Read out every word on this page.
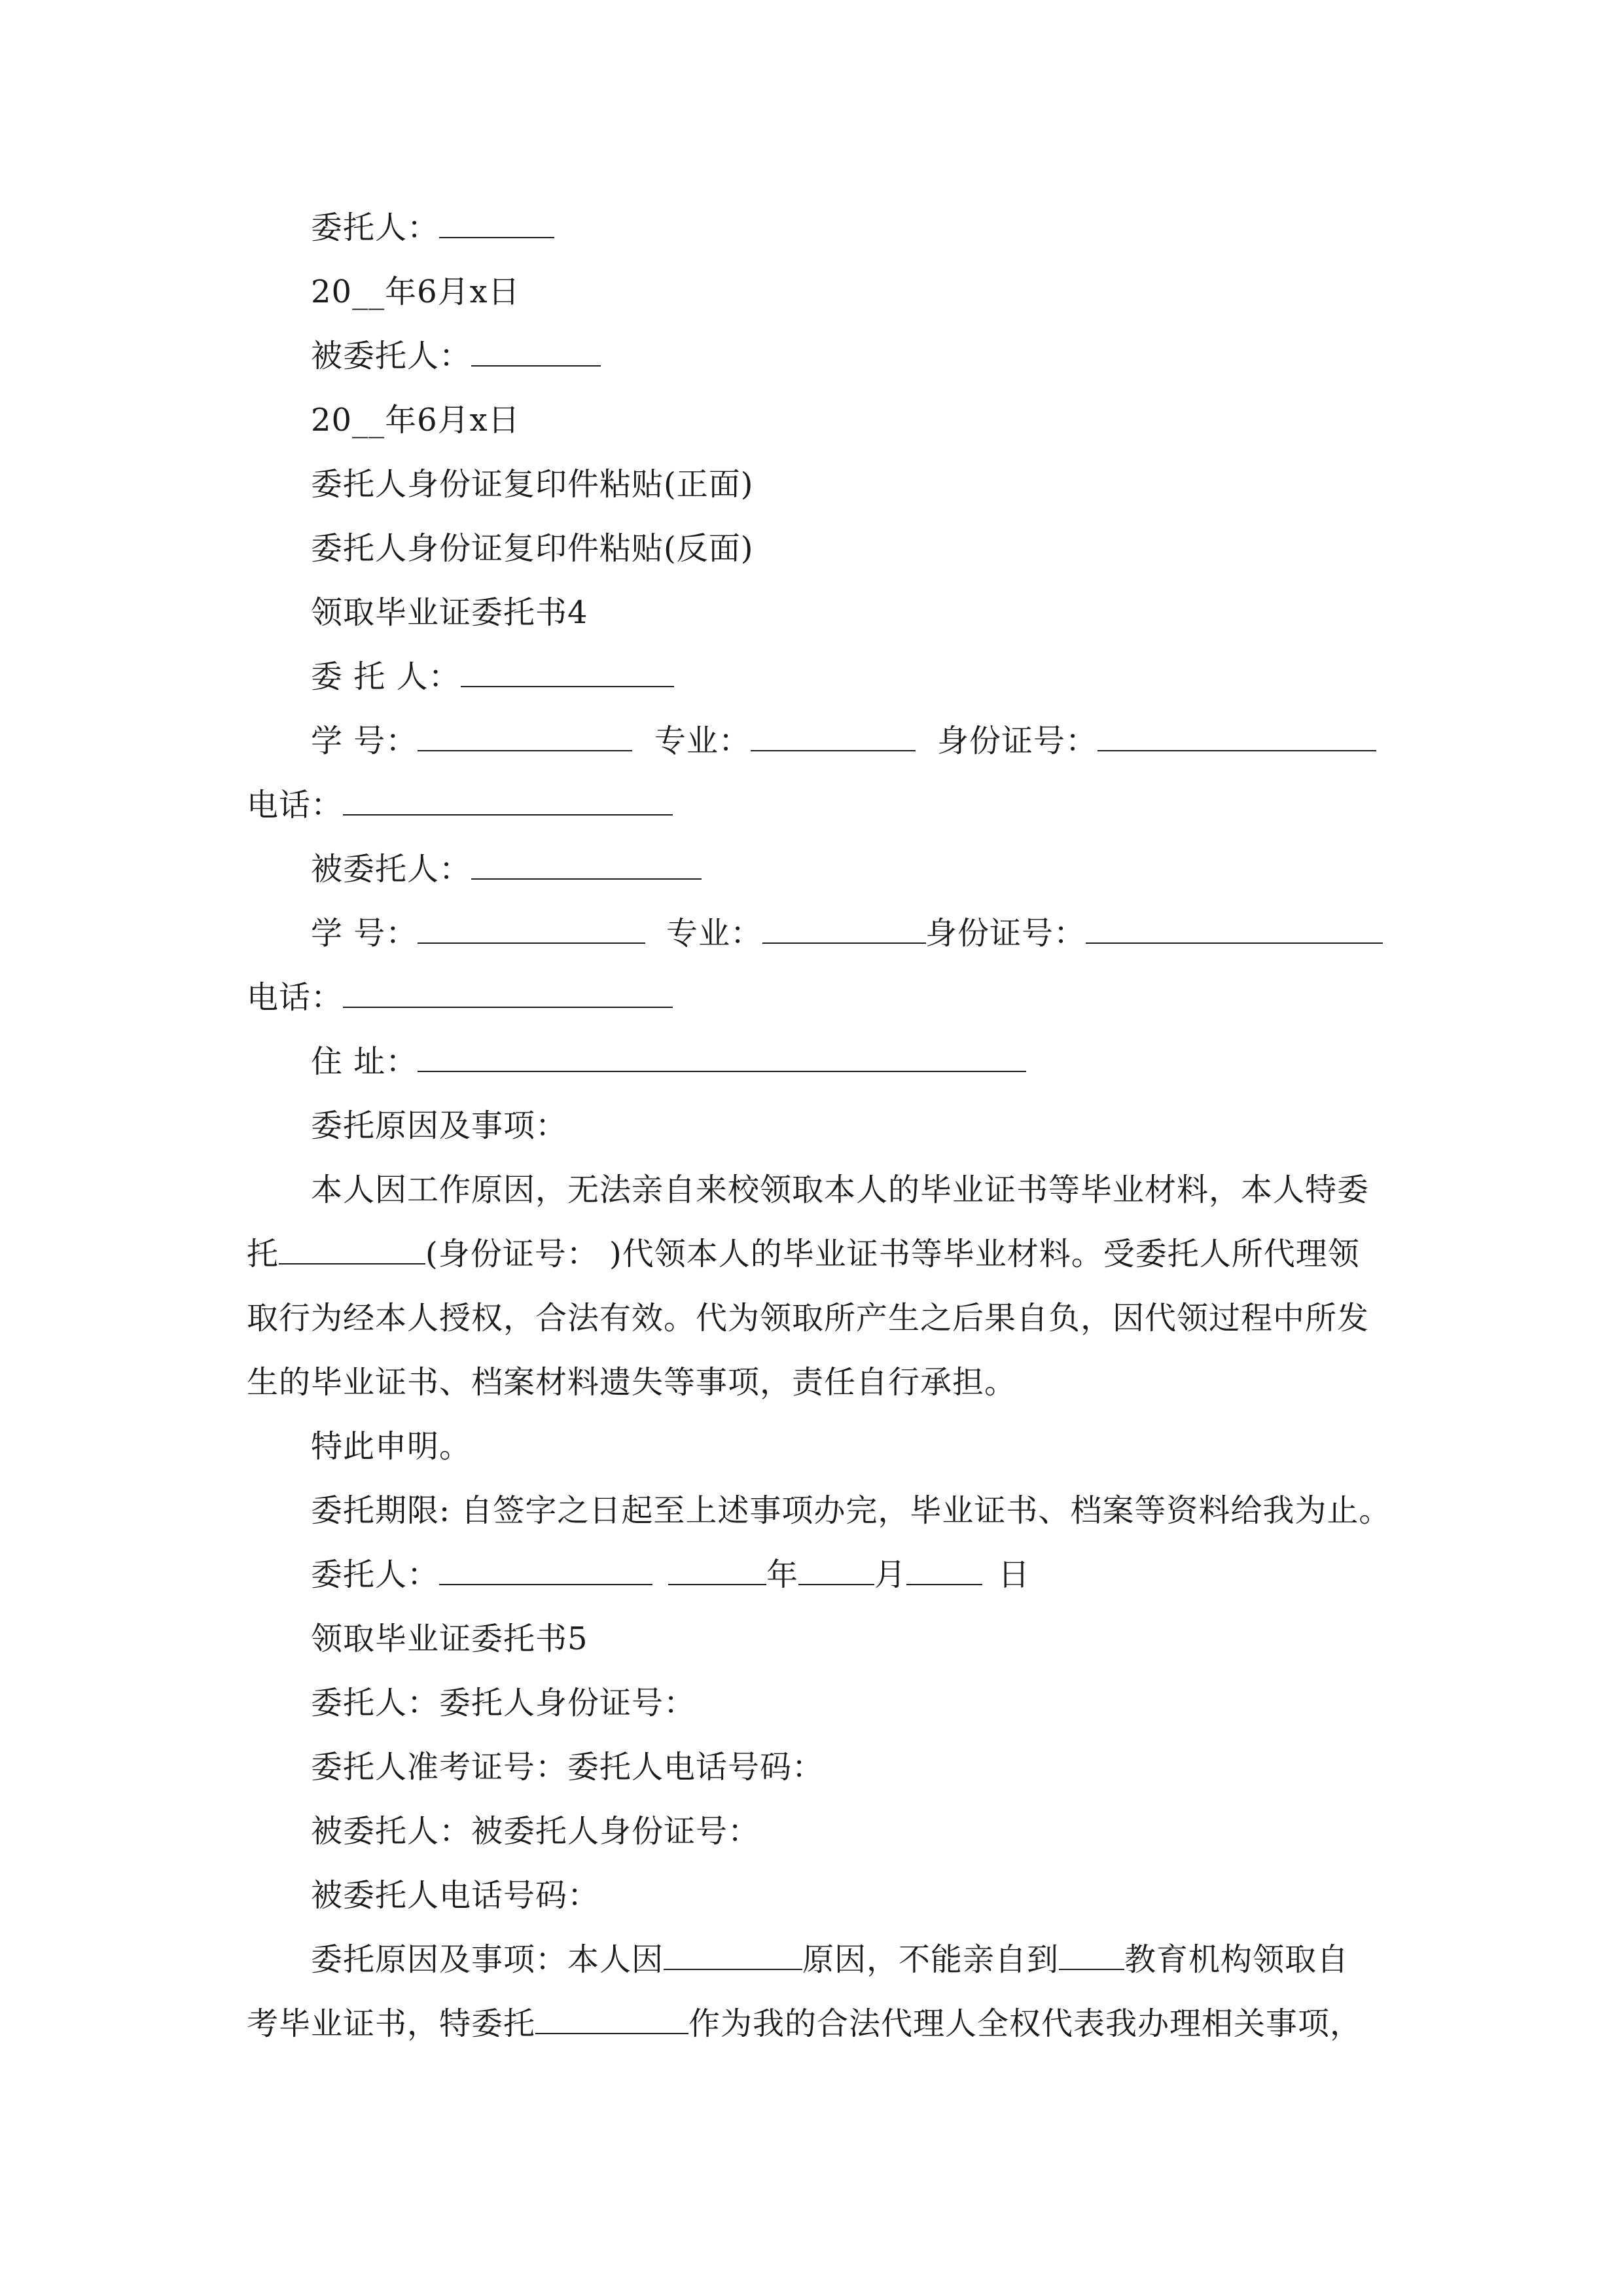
委托人：
20__年6月x日
被委托人：
20__年6月x日
委托人身份证复印件粘贴(正面)
委托人身份证复印件粘贴(反面)
领取毕业证委托书4
委 托 人：
学 号：	专业：	身份证号：
电话：
被委托人：
学 号：	专业：	身份证号：
电话：
住 址：
委托原因及事项：
本人因工作原因，无法亲自来校领取本人的毕业证书等毕业材料，本人特委
托	(身份证号： )代领本人的毕业证书等毕业材料。受委托人所代理领
取行为经本人授权，合法有效。代为领取所产生之后果自负，因代领过程中所发
生的毕业证书、档案材料遗失等事项，责任自行承担。
特此申明。
委托期限: 自签字之日起至上述事项办完，毕业证书、档案等资料给我为止。
委托人：	年 月	日
领取毕业证委托书5
委托人：委托人身份证号：
委托人准考证号：委托人电话号码：
被委托人：被委托人身份证号：
被委托人电话号码：
委托原因及事项：本人因	原因，不能亲自到 教育机构领取自
考毕业证书，特委托	作为我的合法代理人全权代表我办理相关事项，
